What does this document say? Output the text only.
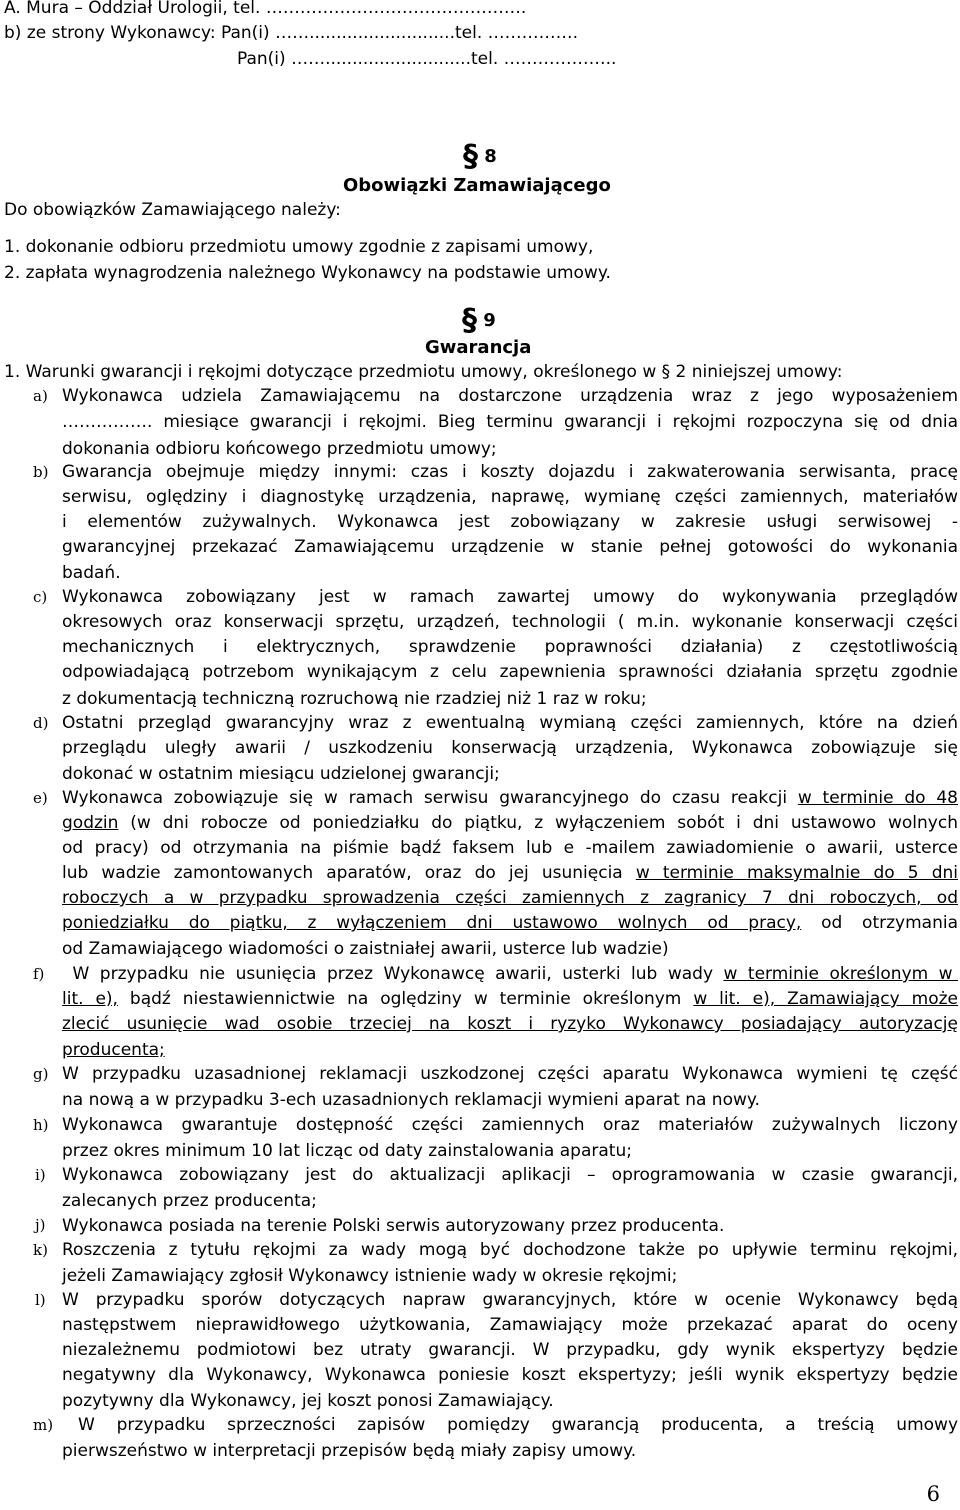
A. Mura – Oddział Urologii, tel. ……………………………………….
b) ze strony Wykonawcy: Pan(i) ……...........................tel. …………….
Pan(i) ……...........................tel. ………………..
§ 8
Obowiązki Zamawiającego
Do obowiązków Zamawiającego należy:
1. dokonanie odbioru przedmiotu umowy zgodnie z zapisami umowy,
2. zapłata wynagrodzenia należnego Wykonawcy na podstawie umowy.
§ 9
Gwarancja
1. Warunki gwarancji i rękojmi dotyczące przedmiotu umowy, określonego w § 2 niniejszej umowy:
a) Wykonawca udziela Zamawiającemu na dostarczone urządzenia wraz z jego wyposażeniem
……………. miesiące gwarancji i rękojmi. Bieg terminu gwarancji i rękojmi rozpoczyna się od dnia
dokonania odbioru końcowego przedmiotu umowy;
b) Gwarancja obejmuje między innymi: czas i koszty dojazdu i zakwaterowania serwisanta, pracę
serwisu, oględziny i diagnostykę urządzenia, naprawę, wymianę części zamiennych, materiałów
i elementów zużywalnych. Wykonawca jest zobowiązany w zakresie usługi serwisowej -
gwarancyjnej przekazać Zamawiającemu urządzenie w stanie pełnej gotowości do wykonania
badań.
c) Wykonawca zobowiązany jest w ramach zawartej umowy do wykonywania przeglądów
okresowych oraz konserwacji sprzętu, urządzeń, technologii ( m.in. wykonanie konserwacji części
mechanicznych i elektrycznych, sprawdzenie poprawności działania) z częstotliwością
odpowiadającą potrzebom wynikającym z celu zapewnienia sprawności działania sprzętu zgodnie
z dokumentacją techniczną rozruchową nie rzadziej niż 1 raz w roku;
d) Ostatni przegląd gwarancyjny wraz z ewentualną wymianą części zamiennych, które na dzień
przeglądu uległy awarii / uszkodzeniu konserwacją urządzenia, Wykonawca zobowiązuje się
dokonać w ostatnim miesiącu udzielonej gwarancji;
e) Wykonawca zobowiązuje się w ramach serwisu gwarancyjnego do czasu reakcji w terminie do 48
godzin (w dni robocze od poniedziałku do piątku, z wyłączeniem sobót i dni ustawowo wolnych
od pracy) od otrzymania na piśmie bądź faksem lub e -mailem zawiadomienie o awarii, usterce
lub wadzie zamontowanych aparatów, oraz do jej usunięcia w terminie maksymalnie do 5 dni
roboczych a w przypadku sprowadzenia części zamiennych z zagranicy 7 dni roboczych, od
poniedziałku do piątku, z wyłączeniem dni ustawowo wolnych od pracy, od otrzymania
od Zamawiającego wiadomości o zaistniałej awarii, usterce lub wadzie)
f) W przypadku nie usunięcia przez Wykonawcę awarii, usterki lub wady w terminie określonym w
lit. e), bądź niestawiennictwie na oględziny w terminie określonym w lit. e), Zamawiający może
zlecić usunięcie wad osobie trzeciej na koszt i ryzyko Wykonawcy posiadający autoryzację
producenta;
g) W przypadku uzasadnionej reklamacji uszkodzonej części aparatu Wykonawca wymieni tę część
na nową a w przypadku 3-ech uzasadnionych reklamacji wymieni aparat na nowy.
h) Wykonawca gwarantuje dostępność części zamiennych oraz materiałów zużywalnych liczony
przez okres minimum 10 lat licząc od daty zainstalowania aparatu;
i) Wykonawca zobowiązany jest do aktualizacji aplikacji – oprogramowania w czasie gwarancji,
zalecanych przez producenta;
j) Wykonawca posiada na terenie Polski serwis autoryzowany przez producenta.
k) Roszczenia z tytułu rękojmi za wady mogą być dochodzone także po upływie terminu rękojmi,
jeżeli Zamawiający zgłosił Wykonawcy istnienie wady w okresie rękojmi;
l) W przypadku sporów dotyczących napraw gwarancyjnych, które w ocenie Wykonawcy będą
następstwem nieprawidłowego użytkowania, Zamawiający może przekazać aparat do oceny
niezależnemu podmiotowi bez utraty gwarancji. W przypadku, gdy wynik ekspertyzy będzie
negatywny dla Wykonawcy, Wykonawca poniesie koszt ekspertyzy; jeśli wynik ekspertyzy będzie
pozytywny dla Wykonawcy, jej koszt ponosi Zamawiający.
m) W przypadku sprzeczności zapisów pomiędzy gwarancją producenta, a treścią umowy
pierwszeństwo w interpretacji przepisów będą miały zapisy umowy.
6
